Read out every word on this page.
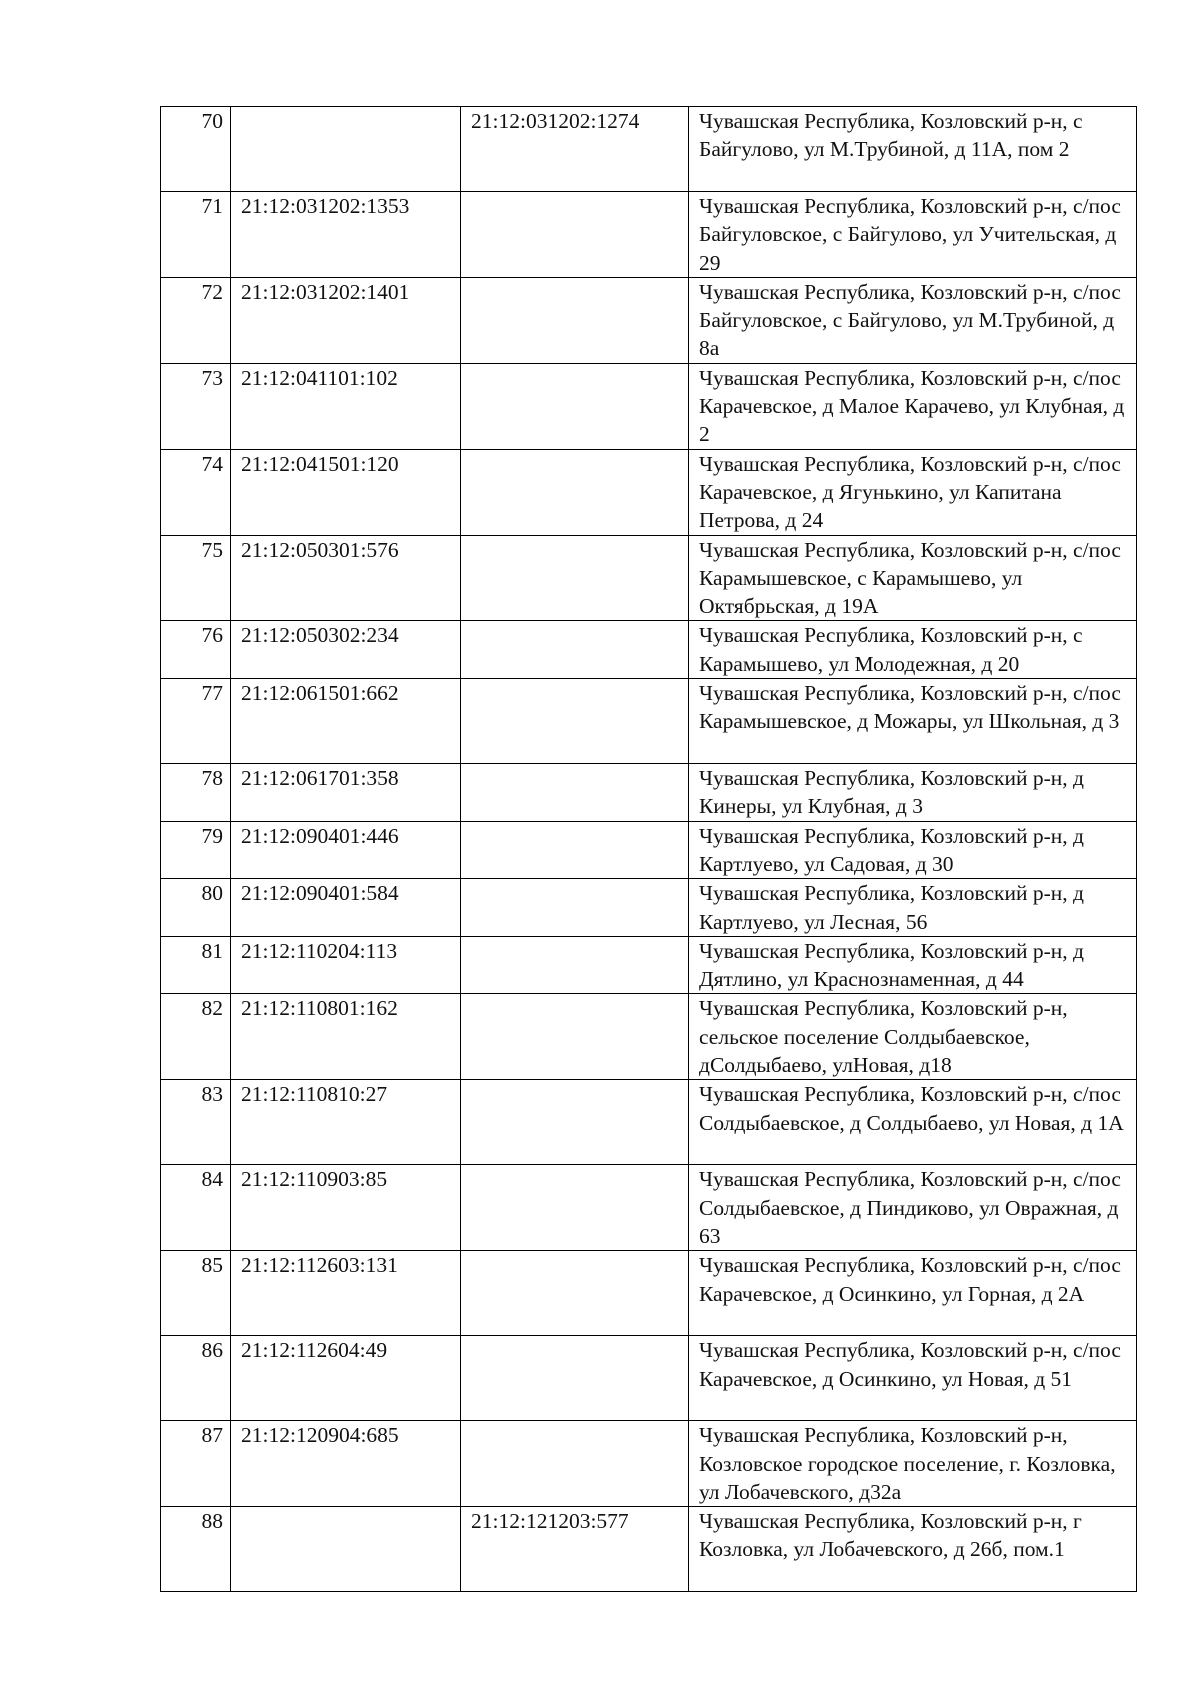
70		21:12:031202:1274	Чувашская Республика, Козловский р-н, с Байгулово, ул М.Трубиной, д 11А, пом 2
71	21:12:031202:1353		Чувашская Республика, Козловский р-н, с/пос Байгуловское, с Байгулово, ул Учительская, д 29
72	21:12:031202:1401		Чувашская Республика, Козловский р-н, с/пос Байгуловское, с Байгулово, ул М.Трубиной, д 8а
73	21:12:041101:102		Чувашская Республика, Козловский р-н, с/пос Карачевское, д Малое Карачево, ул Клубная, д 2
74	21:12:041501:120		Чувашская Республика, Козловский р-н, с/пос Карачевское, д Ягунькино, ул Капитана Петрова, д 24
75	21:12:050301:576		Чувашская Республика, Козловский р-н, с/пос Карамышевское, с Карамышево, ул Октябрьская, д 19А
76	21:12:050302:234		Чувашская Республика, Козловский р-н, с Карамышево, ул Молодежная, д 20
77	21:12:061501:662		Чувашская Республика, Козловский р-н, с/пос Карамышевское, д Можары, ул Школьная, д 3
78	21:12:061701:358		Чувашская Республика, Козловский р-н, д Кинеры, ул Клубная, д 3
79	21:12:090401:446		Чувашская Республика, Козловский р-н, д Картлуево, ул Садовая, д 30
80	21:12:090401:584		Чувашская Республика, Козловский р-н, д Картлуево, ул Лесная, 56
81	21:12:110204:113		Чувашская Республика, Козловский р-н, д Дятлино, ул Краснознаменная, д 44
82	21:12:110801:162		Чувашская Республика, Козловский р-н, сельское поселение Солдыбаевское, дСолдыбаево, улНовая, д18
83	21:12:110810:27		Чувашская Республика, Козловский р-н, с/пос Солдыбаевское, д Солдыбаево, ул Новая, д 1А
84	21:12:110903:85		Чувашская Республика, Козловский р-н, с/пос Солдыбаевское, д Пиндиково, ул Овражная, д 63
85	21:12:112603:131		Чувашская Республика, Козловский р-н, с/пос Карачевское, д Осинкино, ул Горная, д 2А
86	21:12:112604:49		Чувашская Республика, Козловский р-н, с/пос Карачевское, д Осинкино, ул Новая, д 51
87	21:12:120904:685		Чувашская Республика, Козловский р-н, Козловское городское поселение, г. Козловка, ул Лобачевского, д32а
88		21:12:121203:577	Чувашская Республика, Козловский р-н, г Козловка, ул Лобачевского, д 26б, пом.1
